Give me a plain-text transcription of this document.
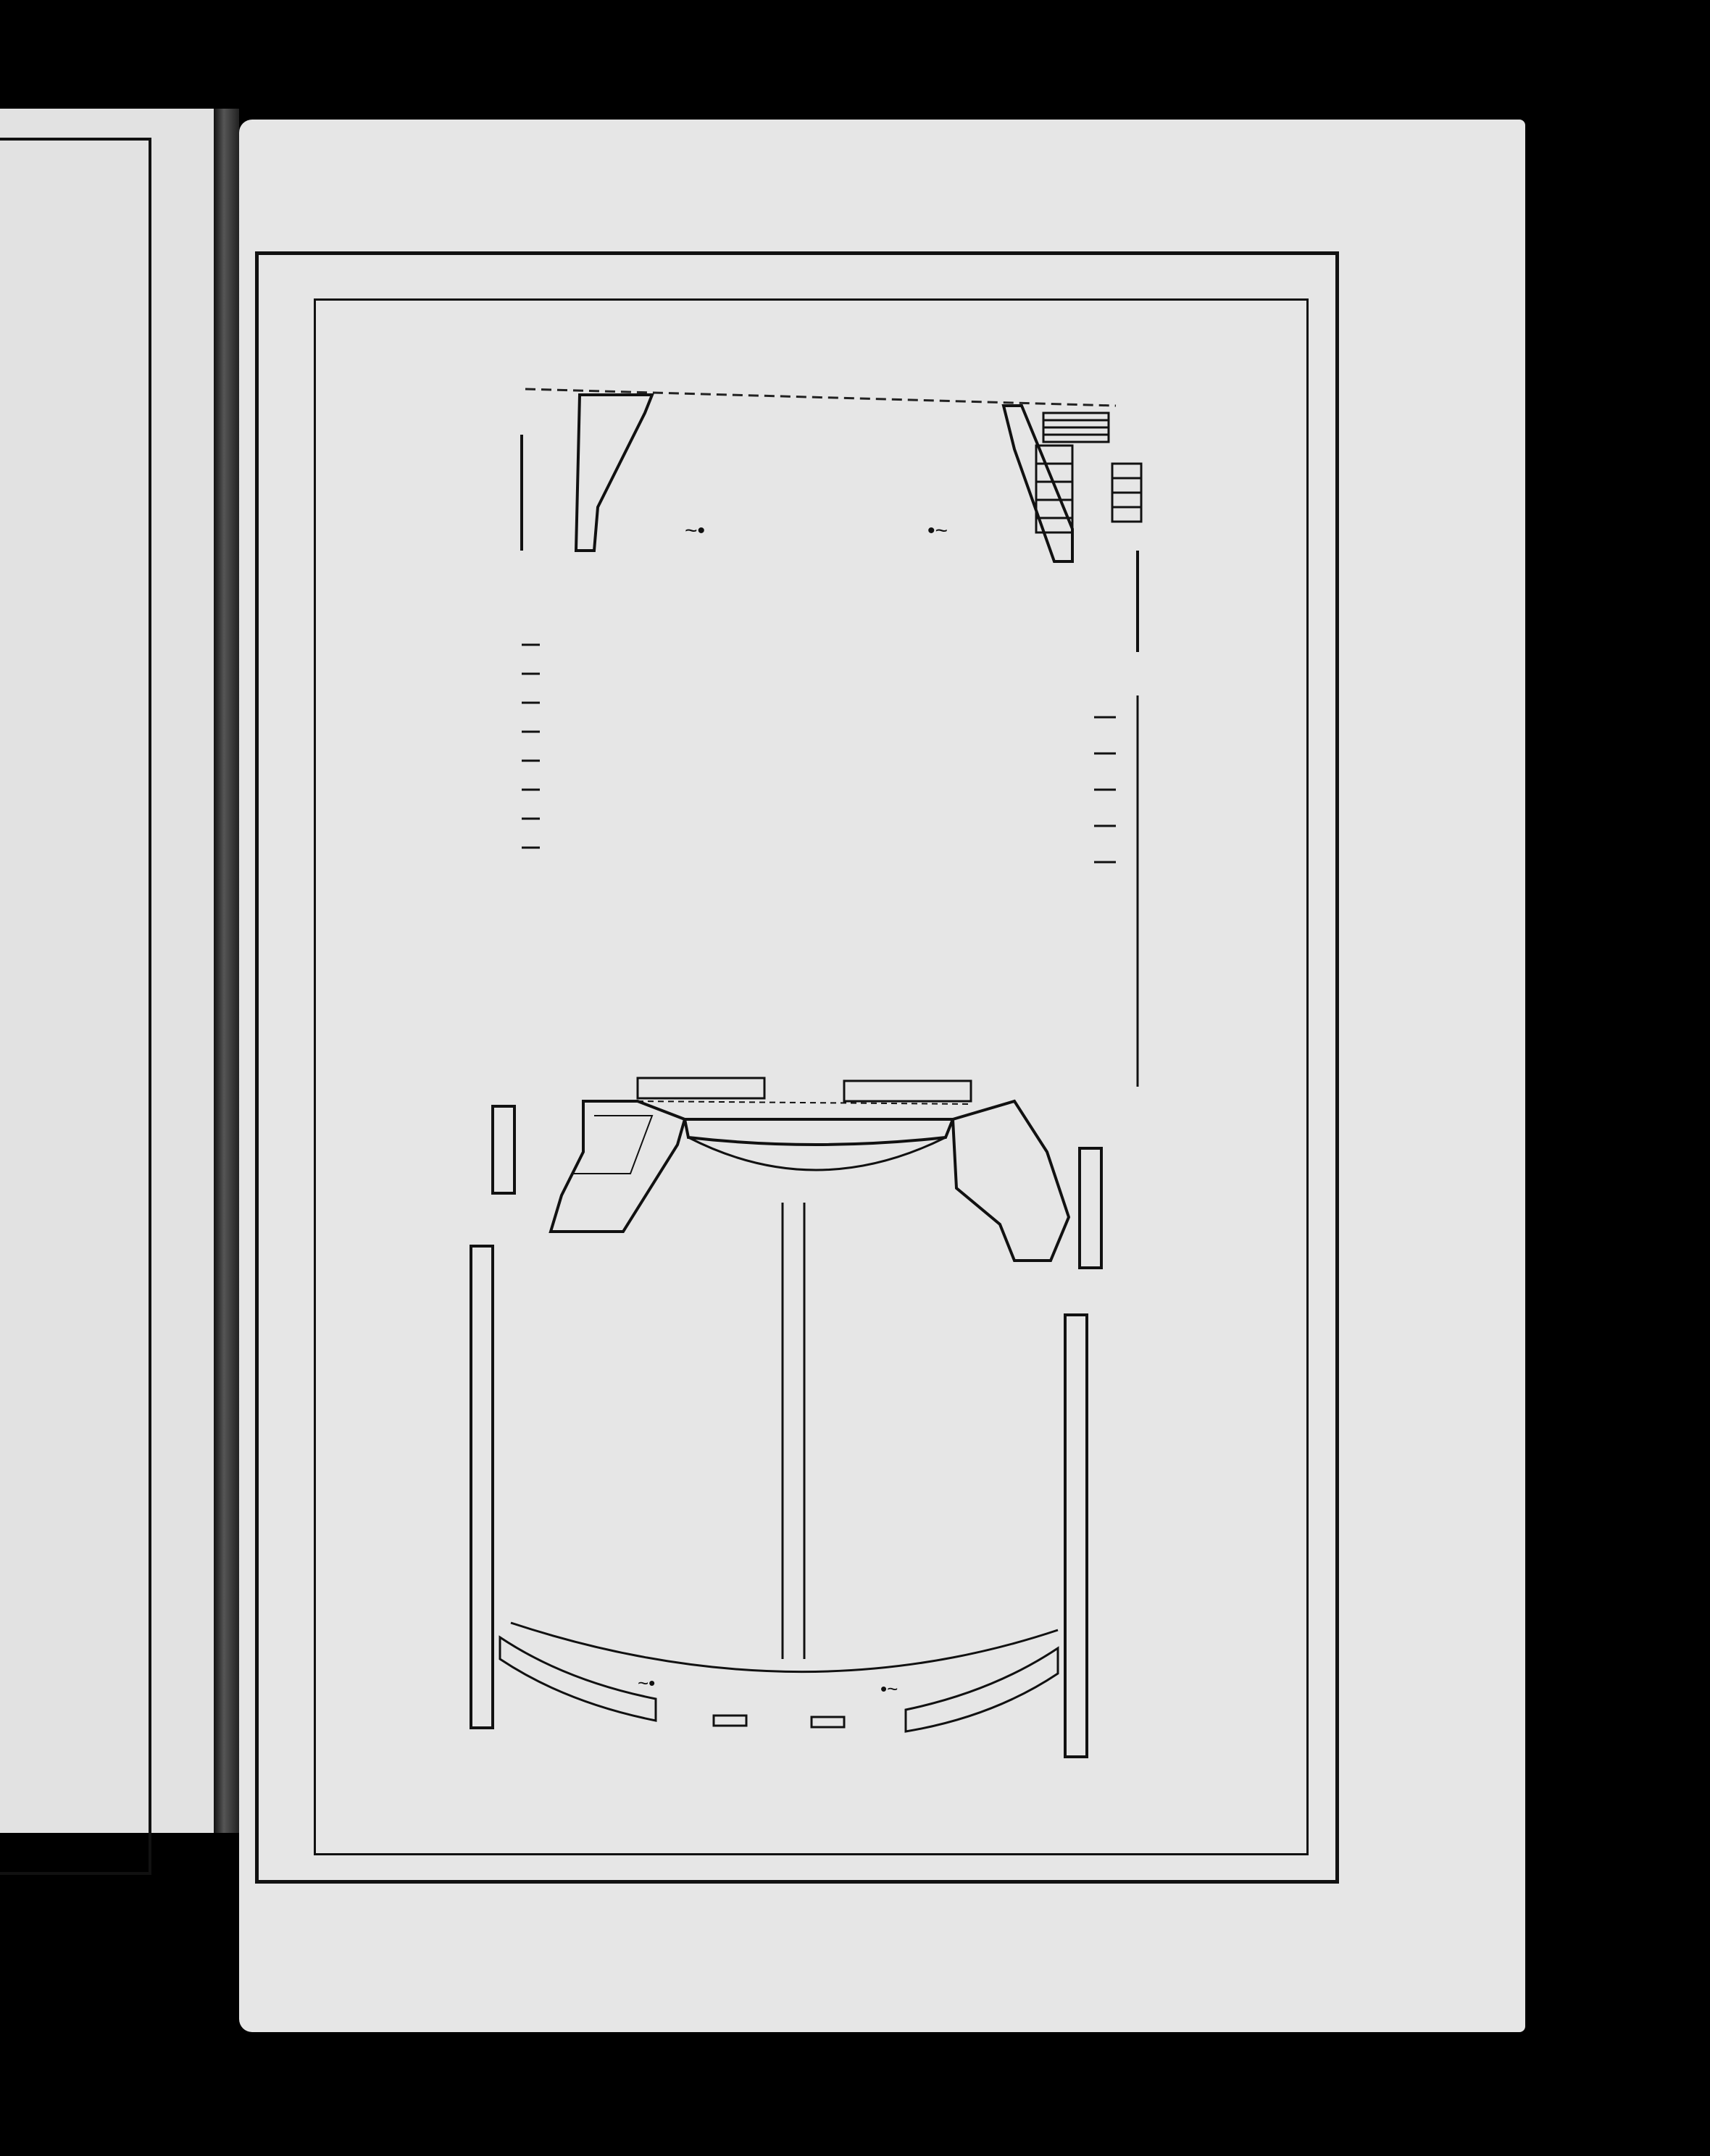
~•	•~
~•	•~
